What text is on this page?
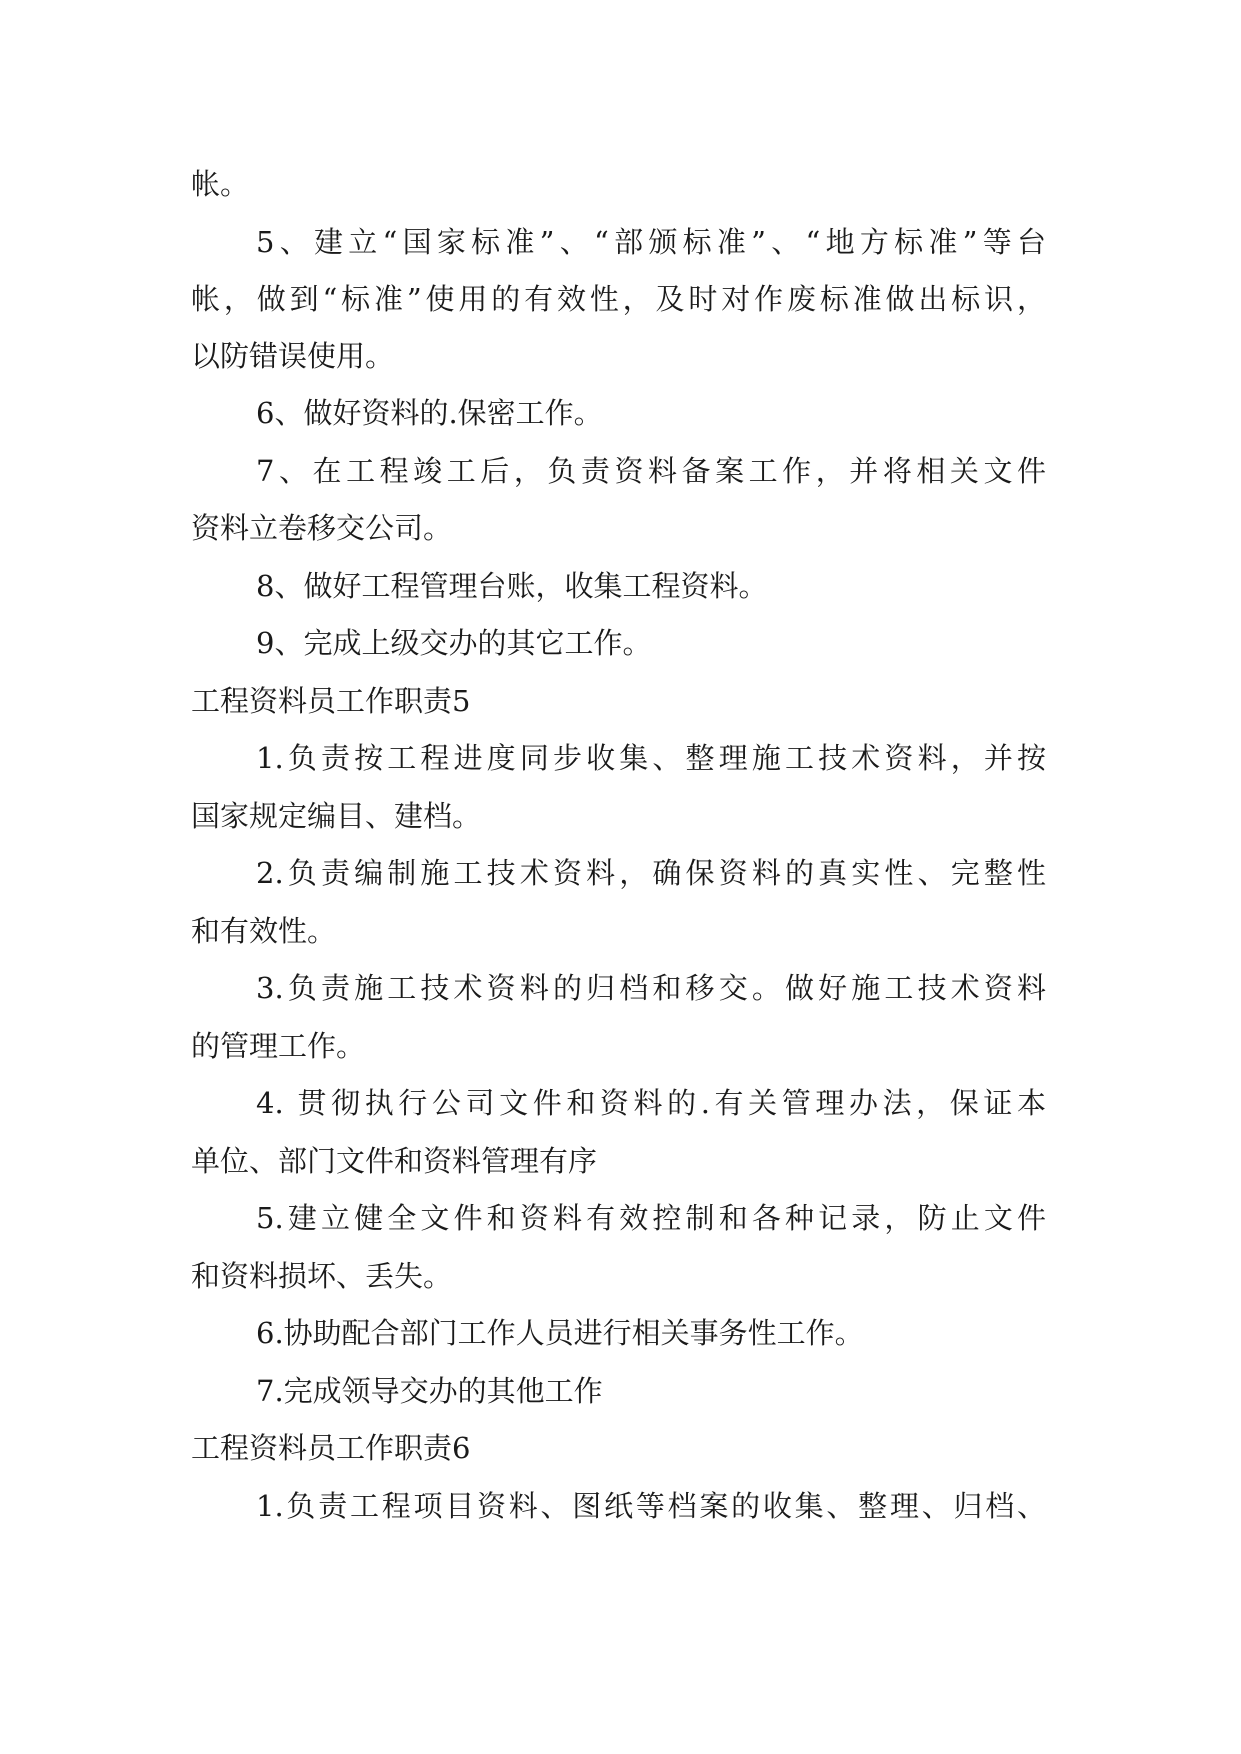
帐。
5、建立“国家标准”、“部颁标准”、“地方标准”等台
帐，做到“标准”使用的有效性，及时对作废标准做出标识，
以防错误使用。
6、做好资料的.保密工作。
7、在工程竣工后，负责资料备案工作，并将相关文件
资料立卷移交公司。
8、做好工程管理台账，收集工程资料。
9、完成上级交办的其它工作。
工程资料员工作职责5
1.负责按工程进度同步收集、整理施工技术资料，并按
国家规定编目、建档。
2.负责编制施工技术资料，确保资料的真实性、完整性
和有效性。
3.负责施工技术资料的归档和移交。做好施工技术资料
的管理工作。
4. 贯彻执行公司文件和资料的.有关管理办法，保证本
单位、部门文件和资料管理有序
5.建立健全文件和资料有效控制和各种记录，防止文件
和资料损坏、丢失。
6.协助配合部门工作人员进行相关事务性工作。
7.完成领导交办的其他工作
工程资料员工作职责6
1.负责工程项目资料、图纸等档案的收集、整理、归档、
